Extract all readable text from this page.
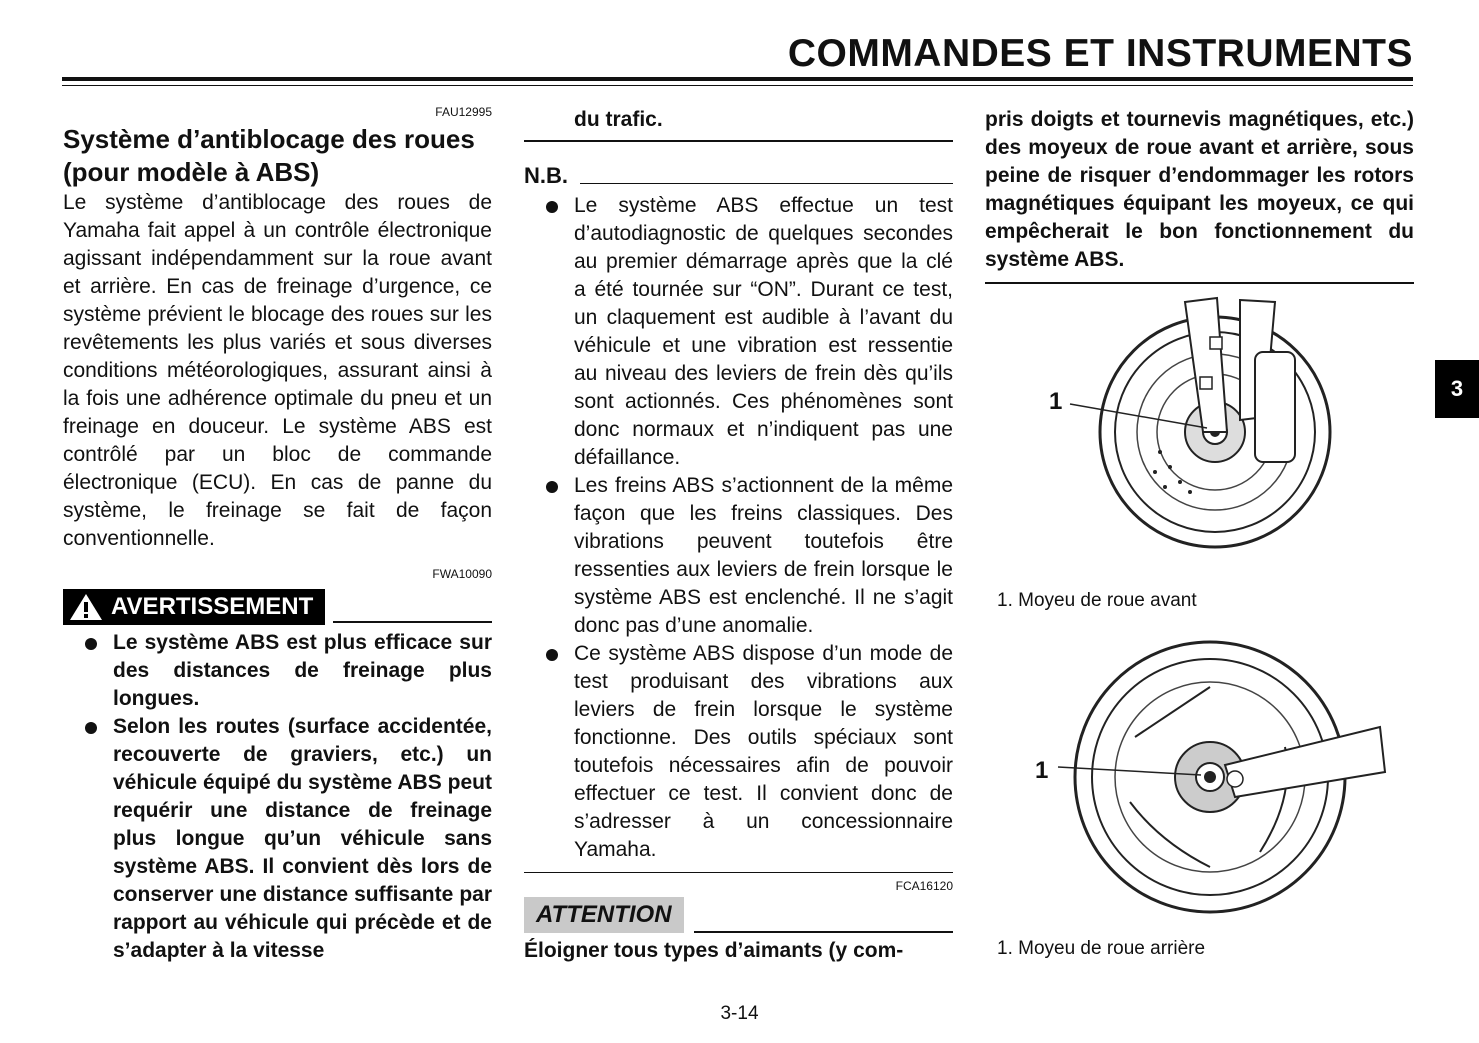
COMMANDES ET INSTRUMENTS
FAU12995
Système d’antiblocage des roues (pour modèle à ABS)
Le système d’antiblocage des roues de Yamaha fait appel à un contrôle électronique agissant indépendamment sur la roue avant et arrière. En cas de freinage d’urgence, ce système prévient le blocage des roues sur les revêtements les plus variés et sous diverses conditions météorologiques, assurant ainsi à la fois une adhérence optimale du pneu et un freinage en douceur. Le système ABS est contrôlé par un bloc de commande électronique (ECU). En cas de panne du système, le freinage se fait de façon conventionnelle.
FWA10090
AVERTISSEMENT
Le système ABS est plus efficace sur des distances de freinage plus longues.
Selon les routes (surface accidentée, recouverte de graviers, etc.) un véhicule équipé du système ABS peut requérir une distance de freinage plus longue qu’un véhicule sans système ABS. Il convient dès lors de conserver une distance suffisante par rapport au véhicule qui précède et de s’adapter à la vitesse
du trafic.
N.B.
Le système ABS effectue un test d’autodiagnostic de quelques secondes au premier démarrage après que la clé a été tournée sur “ON”. Durant ce test, un claquement est audible à l’avant du véhicule et une vibration est ressentie au niveau des leviers de frein dès qu’ils sont actionnés. Ces phénomènes sont donc normaux et n’indiquent pas une défaillance.
Les freins ABS s’actionnent de la même façon que les freins classiques. Des vibrations peuvent toutefois être ressenties aux leviers de frein lorsque le système ABS est enclenché. Il ne s’agit donc pas d’une anomalie.
Ce système ABS dispose d’un mode de test produisant des vibrations aux leviers de frein lorsque le système fonctionne. Des outils spéciaux sont toutefois nécessaires afin de pouvoir effectuer ce test. Il convient donc de s’adresser à un concessionnaire Yamaha.
FCA16120
ATTENTION
Éloigner tous types d’aimants (y com-
pris doigts et tournevis magnétiques, etc.) des moyeux de roue avant et arrière, sous peine de risquer d’endommager les rotors magnétiques équipant les moyeux, ce qui empêcherait le bon fonctionnement du système ABS.
1
1. Moyeu de roue avant
1
1. Moyeu de roue arrière
3
3-14
